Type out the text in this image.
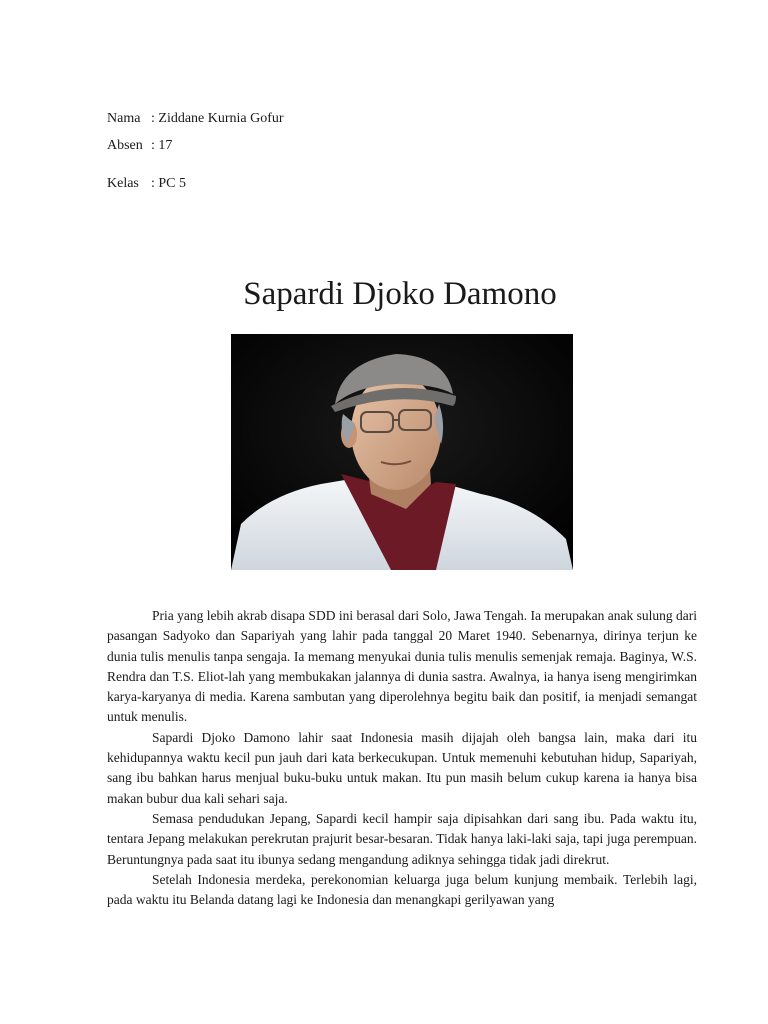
Nama : Ziddane Kurnia Gofur
Absen : 17
Kelas : PC 5
Sapardi Djoko Damono

Pria yang lebih akrab disapa SDD ini berasal dari Solo, Jawa Tengah. Ia merupakan anak sulung dari pasangan Sadyoko dan Sapariyah yang lahir pada tanggal 20 Maret 1940. Sebenarnya, dirinya terjun ke dunia tulis menulis tanpa sengaja. Ia memang menyukai dunia tulis menulis semenjak remaja. Baginya, W.S. Rendra dan T.S. Eliot-lah yang membukakan jalannya di dunia sastra. Awalnya, ia hanya iseng mengirimkan karya-karyanya di media. Karena sambutan yang diperolehnya begitu baik dan positif, ia menjadi semangat untuk menulis.

Sapardi Djoko Damono lahir saat Indonesia masih dijajah oleh bangsa lain, maka dari itu kehidupannya waktu kecil pun jauh dari kata berkecukupan. Untuk memenuhi kebutuhan hidup, Sapariyah, sang ibu bahkan harus menjual buku-buku untuk makan. Itu pun masih belum cukup karena ia hanya bisa makan bubur dua kali sehari saja.

Semasa pendudukan Jepang, Sapardi kecil hampir saja dipisahkan dari sang ibu. Pada waktu itu, tentara Jepang melakukan perekrutan prajurit besar-besaran. Tidak hanya laki-laki saja, tapi juga perempuan. Beruntungnya pada saat itu ibunya sedang mengandung adiknya sehingga tidak jadi direkrut.

Setelah Indonesia merdeka, perekonomian keluarga juga belum kunjung membaik. Terlebih lagi, pada waktu itu Belanda datang lagi ke Indonesia dan menangkapi gerilyawan yang
